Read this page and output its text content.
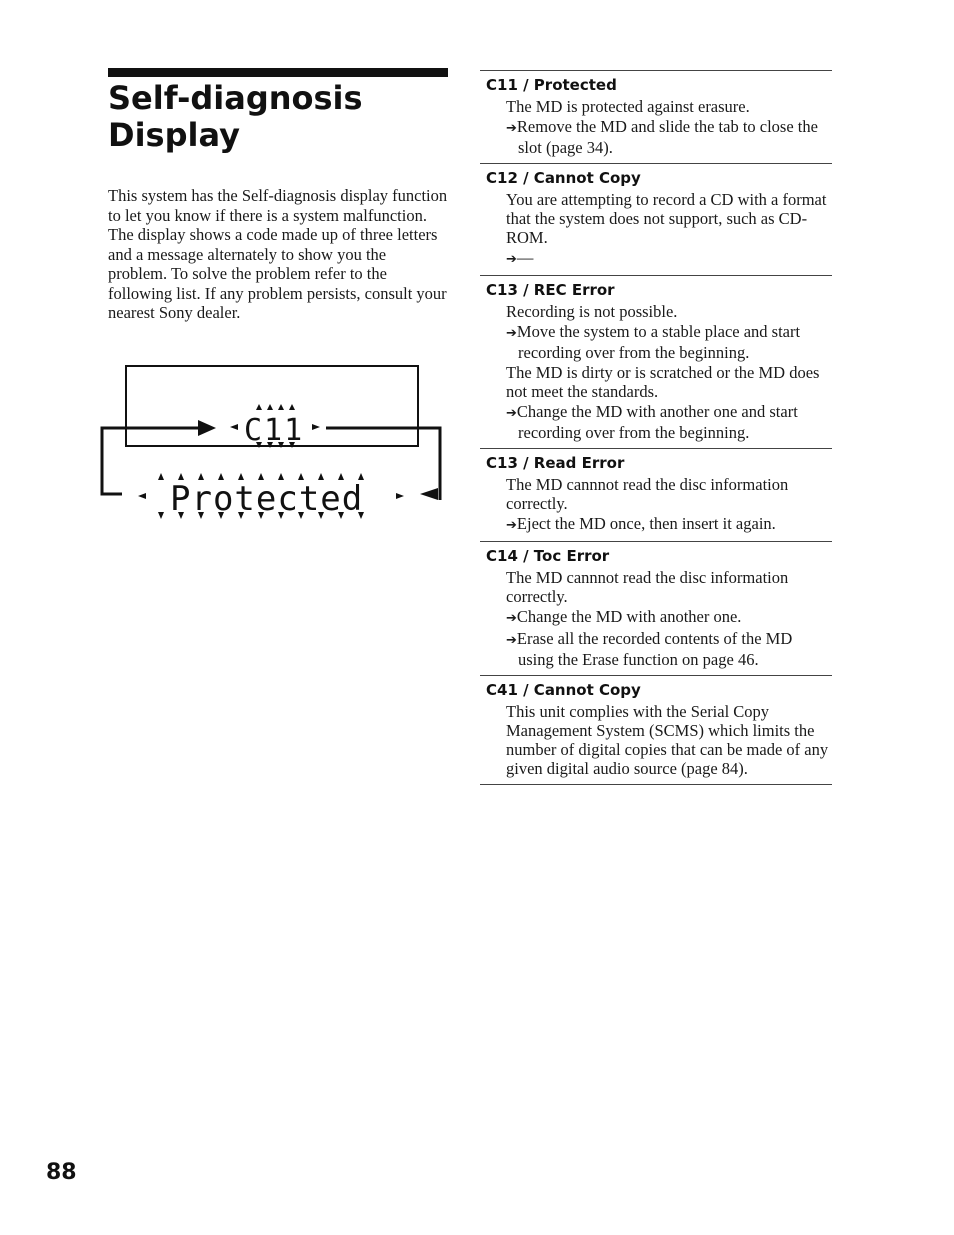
Self-diagnosis
Display

This system has the Self-diagnosis display function to let you know if there is a system malfunction. The display shows a code made up of three letters and a message alternately to show you the problem. To solve the problem refer to the following list. If any problem persists, consult your nearest Sony dealer.

C11
Protected
C11 / Protected
The MD is protected against erasure.
➔Remove the MD and slide the tab to close the slot (page 34).
C12 / Cannot Copy
You are attempting to record a CD with a format that the system does not support, such as CD-ROM.
➔—
C13 / REC Error
Recording is not possible.
➔Move the system to a stable place and start recording over from the beginning.
The MD is dirty or is scratched or the MD does not meet the standards.
➔Change the MD with another one and start recording over from the beginning.
C13 / Read Error
The MD cannnot read the disc information correctly.
➔Eject the MD once, then insert it again.
C14 / Toc Error
The MD cannnot read the disc information correctly.
➔Change the MD with another one.
➔Erase all the recorded contents of the MD using the Erase function on page 46.
C41 / Cannot Copy
This unit complies with the Serial Copy Management System (SCMS) which limits the number of digital copies that can be made of any given digital audio source (page 84).
88
